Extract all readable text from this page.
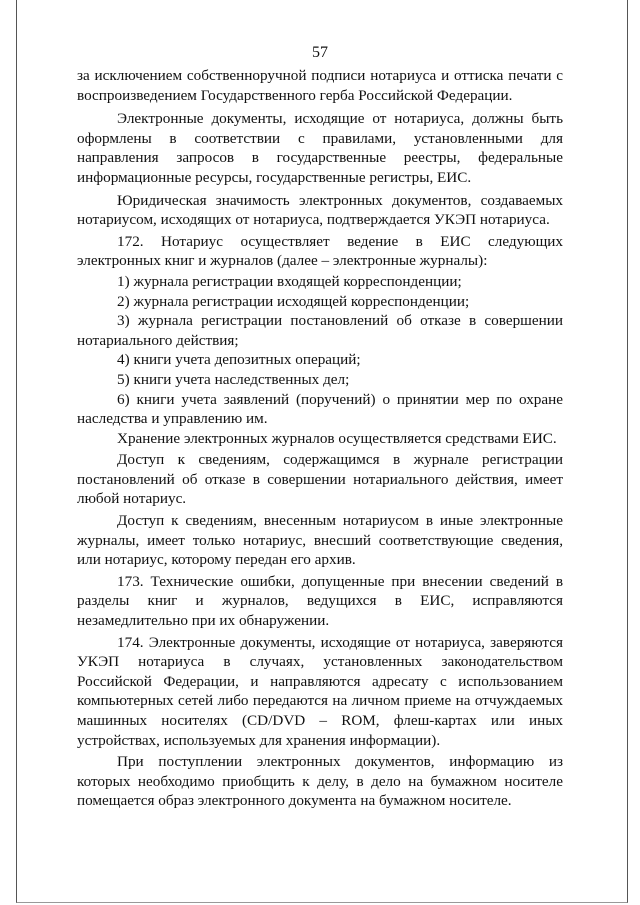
57

за исключением собственноручной подписи нотариуса и оттиска печати с воспроизведением Государственного герба Российской Федерации.

Электронные документы, исходящие от нотариуса, должны быть оформлены в соответствии с правилами, установленными для направления запросов в государственные реестры, федеральные информационные ресурсы, государственные регистры, ЕИС.

Юридическая значимость электронных документов, создаваемых нотариусом, исходящих от нотариуса, подтверждается УКЭП нотариуса.

172. Нотариус осуществляет ведение в ЕИС следующих электронных книг и журналов (далее – электронные журналы):

1) журнала регистрации входящей корреспонденции;

2) журнала регистрации исходящей корреспонденции;

3) журнала регистрации постановлений об отказе в совершении нотариального действия;

4) книги учета депозитных операций;

5) книги учета наследственных дел;

6) книги учета заявлений (поручений) о принятии мер по охране наследства и управлению им.

Хранение электронных журналов осуществляется средствами ЕИС.

Доступ к сведениям, содержащимся в журнале регистрации постановлений об отказе в совершении нотариального действия, имеет любой нотариус.

Доступ к сведениям, внесенным нотариусом в иные электронные журналы, имеет только нотариус, внесший соответствующие сведения, или нотариус, которому передан его архив.

173. Технические ошибки, допущенные при внесении сведений в разделы книг и журналов, ведущихся в ЕИС, исправляются незамедлительно при их обнаружении.

174. Электронные документы, исходящие от нотариуса, заверяются УКЭП нотариуса в случаях, установленных законодательством Российской Федерации, и направляются адресату с использованием компьютерных сетей либо передаются на личном приеме на отчуждаемых машинных носителях (CD/DVD – ROM, флеш-картах или иных устройствах, используемых для хранения информации).

При поступлении электронных документов, информацию из которых необходимо приобщить к делу, в дело на бумажном носителе помещается образ электронного документа на бумажном носителе.
